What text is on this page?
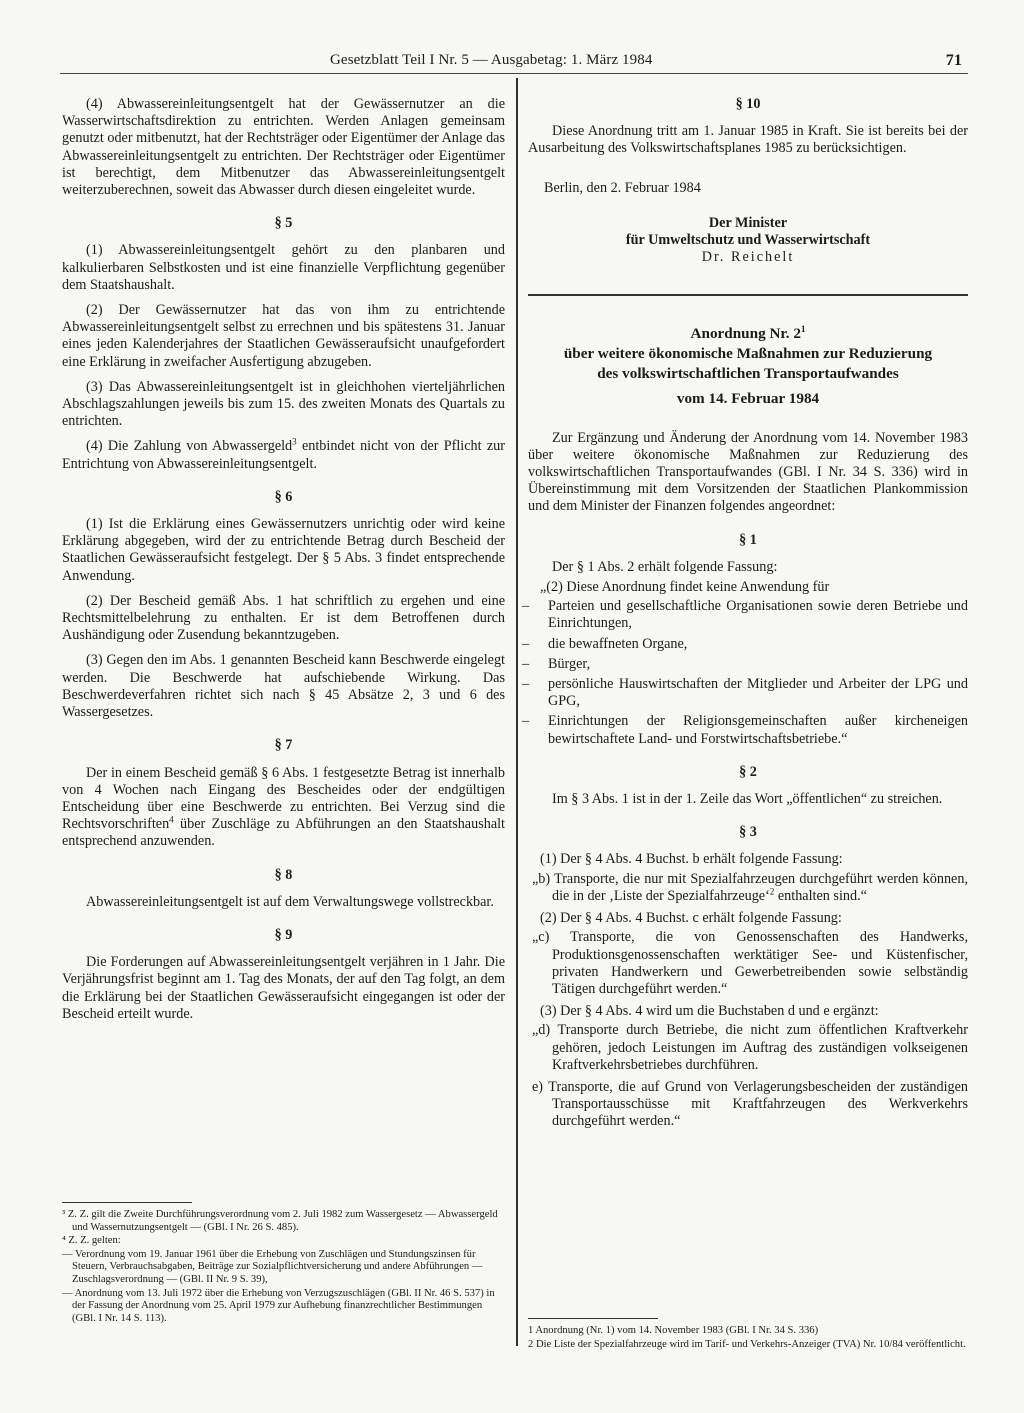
Gesetzblatt Teil I Nr. 5 — Ausgabetag: 1. März 1984	71

(4) Abwassereinleitungsentgelt hat der Gewässernutzer an die Wasserwirtschaftsdirektion zu entrichten. Werden Anlagen gemeinsam genutzt oder mitbenutzt, hat der Rechtsträger oder Eigentümer der Anlage das Abwassereinleitungsentgelt zu entrichten. Der Rechtsträger oder Eigentümer ist berechtigt, dem Mitbenutzer das Abwassereinleitungsentgelt weiterzuberechnen, soweit das Abwasser durch diesen eingeleitet wurde.

§ 5

(1) Abwassereinleitungsentgelt gehört zu den planbaren und kalkulierbaren Selbstkosten und ist eine finanzielle Verpflichtung gegenüber dem Staatshaushalt.

(2) Der Gewässernutzer hat das von ihm zu entrichtende Abwassereinleitungsentgelt selbst zu errechnen und bis spätestens 31. Januar eines jeden Kalenderjahres der Staatlichen Gewässeraufsicht unaufgefordert eine Erklärung in zweifacher Ausfertigung abzugeben.

(3) Das Abwassereinleitungsentgelt ist in gleichhohen vierteljährlichen Abschlagszahlungen jeweils bis zum 15. des zweiten Monats des Quartals zu entrichten.

(4) Die Zahlung von Abwassergeld$^3$ entbindet nicht von der Pflicht zur Entrichtung von Abwassereinleitungsentgelt.

§ 6

(1) Ist die Erklärung eines Gewässernutzers unrichtig oder wird keine Erklärung abgegeben, wird der zu entrichtende Betrag durch Bescheid der Staatlichen Gewässeraufsicht festgelegt. Der § 5 Abs. 3 findet entsprechende Anwendung.

(2) Der Bescheid gemäß Abs. 1 hat schriftlich zu ergehen und eine Rechtsmittelbelehrung zu enthalten. Er ist dem Betroffenen durch Aushändigung oder Zusendung bekanntzugeben.

(3) Gegen den im Abs. 1 genannten Bescheid kann Beschwerde eingelegt werden. Die Beschwerde hat aufschiebende Wirkung. Das Beschwerdeverfahren richtet sich nach § 45 Absätze 2, 3 und 6 des Wassergesetzes.

§ 7

Der in einem Bescheid gemäß § 6 Abs. 1 festgesetzte Betrag ist innerhalb von 4 Wochen nach Eingang des Bescheides oder der endgültigen Entscheidung über eine Beschwerde zu entrichten. Bei Verzug sind die Rechtsvorschriften$^4$ über Zuschläge zu Abführungen an den Staatshaushalt entsprechend anzuwenden.

§ 8

Abwassereinleitungsentgelt ist auf dem Verwaltungswege vollstreckbar.

§ 9

Die Forderungen auf Abwassereinleitungsentgelt verjähren in 1 Jahr. Die Verjährungsfrist beginnt am 1. Tag des Monats, der auf den Tag folgt, an dem die Erklärung bei der Staatlichen Gewässeraufsicht eingegangen ist oder der Bescheid erteilt wurde.

³ Z. Z. gilt die Zweite Durchführungsverordnung vom 2. Juli 1982 zum Wassergesetz — Abwassergeld und Wassernutzungsentgelt — (GBl. I Nr. 26 S. 485).

⁴ Z. Z. gelten:

— Verordnung vom 19. Januar 1961 über die Erhebung von Zuschlägen und Stundungszinsen für Steuern, Verbrauchsabgaben, Beiträge zur Sozialpflichtversicherung und andere Abführungen — Zuschlagsverordnung — (GBl. II Nr. 9 S. 39),

— Anordnung vom 13. Juli 1972 über die Erhebung von Verzugszuschlägen (GBl. II Nr. 46 S. 537) in der Fassung der Anordnung vom 25. April 1979 zur Aufhebung finanzrechtlicher Bestimmungen (GBl. I Nr. 14 S. 113).

§ 10

Diese Anordnung tritt am 1. Januar 1985 in Kraft. Sie ist bereits bei der Ausarbeitung des Volkswirtschaftsplanes 1985 zu berücksichtigen.

Berlin, den 2. Februar 1984

Der Minister

für Umweltschutz und Wasserwirtschaft

Dr. Reichelt

Anordnung Nr. $2^1$

über weitere ökonomische Maßnahmen zur Reduzierung

des volkswirtschaftlichen Transportaufwandes

vom 14. Februar 1984

Zur Ergänzung und Änderung der Anordnung vom 14. November 1983 über weitere ökonomische Maßnahmen zur Reduzierung des volkswirtschaftlichen Transportaufwandes (GBl. I Nr. 34 S. 336) wird in Übereinstimmung mit dem Vorsitzenden der Staatlichen Plankommission und dem Minister der Finanzen folgendes angeordnet:

§ 1

Der § 1 Abs. 2 erhält folgende Fassung:

„(2) Diese Anordnung findet keine Anwendung für

– Parteien und gesellschaftliche Organisationen sowie deren Betriebe und Einrichtungen,
– die bewaffneten Organe,
– Bürger,
– persönliche Hauswirtschaften der Mitglieder und Arbeiter der LPG und GPG,
– Einrichtungen der Religionsgemeinschaften außer kircheneigen bewirtschaftete Land- und Forstwirtschaftsbetriebe.“

§ 2

Im § 3 Abs. 1 ist in der 1. Zeile das Wort „öffentlichen“ zu streichen.

§ 3

(1) Der § 4 Abs. 4 Buchst. b erhält folgende Fassung:

„b) Transporte, die nur mit Spezialfahrzeugen durchgeführt werden können, die in der ‚Liste der Spezialfahrzeuge‘$^2$ enthalten sind.“

(2) Der § 4 Abs. 4 Buchst. c erhält folgende Fassung:

„c) Transporte, die von Genossenschaften des Handwerks, Produktionsgenossenschaften werktätiger See- und Küstenfischer, privaten Handwerkern und Gewerbetreibenden sowie selbständig Tätigen durchgeführt werden.“

(3) Der § 4 Abs. 4 wird um die Buchstaben d und e ergänzt:

„d) Transporte durch Betriebe, die nicht zum öffentlichen Kraftverkehr gehören, jedoch Leistungen im Auftrag des zuständigen volkseigenen Kraftverkehrsbetriebes durchführen.

e) Transporte, die auf Grund von Verlagerungsbescheiden der zuständigen Transportausschüsse mit Kraftfahrzeugen des Werkverkehrs durchgeführt werden.“

1 Anordnung (Nr. 1) vom 14. November 1983 (GBl. I Nr. 34 S. 336)

2 Die Liste der Spezialfahrzeuge wird im Tarif- und Verkehrs-Anzeiger (TVA) Nr. 10/84 veröffentlicht.
